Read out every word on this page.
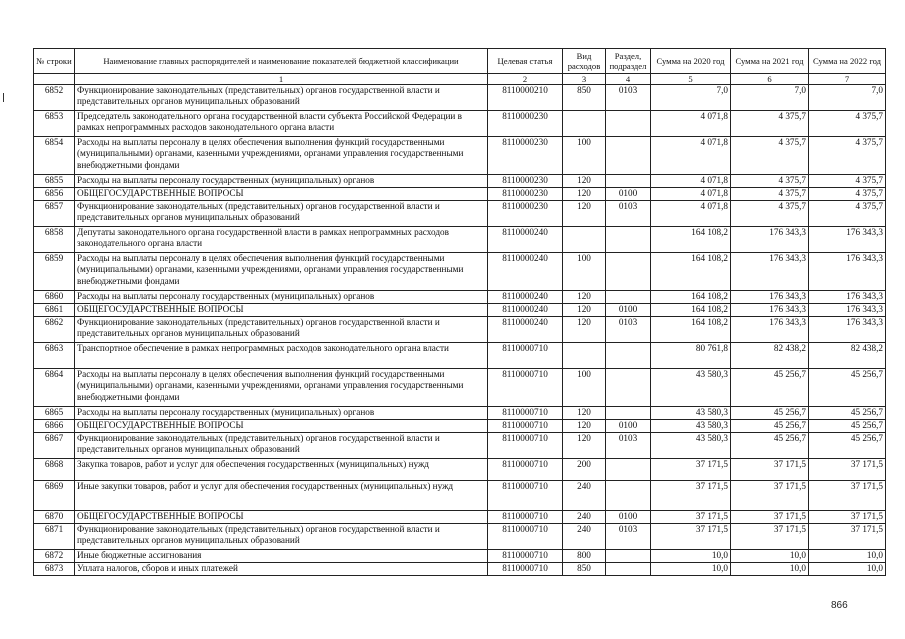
№ строки	Наименование главных распорядителей и наименование показателей бюджетной классификации	Целевая статья	Вид расходов	Раздел, подраздел	Сумма на 2020 год	Сумма на 2021 год	Сумма на 2022 год
	1	2	3	4	5	6	7
6852	Функционирование законодательных (представительных) органов государственной власти и представительных органов муниципальных образований	8110000210	850	0103	7,0	7,0	7,0
6853	Председатель законодательного органа государственной власти субъекта Российской Федерации в рамках непрограммных расходов законодательного органа власти	8110000230			4 071,8	4 375,7	4 375,7
6854	Расходы на выплаты персоналу в целях обеспечения выполнения функций государственными (муниципальными) органами, казенными учреждениями, органами управления государственными внебюджетными фондами	8110000230	100		4 071,8	4 375,7	4 375,7
6855	Расходы на выплаты персоналу государственных (муниципальных) органов	8110000230	120		4 071,8	4 375,7	4 375,7
6856	ОБЩЕГОСУДАРСТВЕННЫЕ ВОПРОСЫ	8110000230	120	0100	4 071,8	4 375,7	4 375,7
6857	Функционирование законодательных (представительных) органов государственной власти и представительных органов муниципальных образований	8110000230	120	0103	4 071,8	4 375,7	4 375,7
6858	Депутаты законодательного органа государственной власти в рамках непрограммных расходов законодательного органа власти	8110000240			164 108,2	176 343,3	176 343,3
6859	Расходы на выплаты персоналу в целях обеспечения выполнения функций государственными (муниципальными) органами, казенными учреждениями, органами управления государственными внебюджетными фондами	8110000240	100		164 108,2	176 343,3	176 343,3
6860	Расходы на выплаты персоналу государственных (муниципальных) органов	8110000240	120		164 108,2	176 343,3	176 343,3
6861	ОБЩЕГОСУДАРСТВЕННЫЕ ВОПРОСЫ	8110000240	120	0100	164 108,2	176 343,3	176 343,3
6862	Функционирование законодательных (представительных) органов государственной власти и представительных органов муниципальных образований	8110000240	120	0103	164 108,2	176 343,3	176 343,3
6863	Транспортное обеспечение в рамках непрограммных расходов законодательного органа власти	8110000710			80 761,8	82 438,2	82 438,2
6864	Расходы на выплаты персоналу в целях обеспечения выполнения функций государственными (муниципальными) органами, казенными учреждениями, органами управления государственными внебюджетными фондами	8110000710	100		43 580,3	45 256,7	45 256,7
6865	Расходы на выплаты персоналу государственных (муниципальных) органов	8110000710	120		43 580,3	45 256,7	45 256,7
6866	ОБЩЕГОСУДАРСТВЕННЫЕ ВОПРОСЫ	8110000710	120	0100	43 580,3	45 256,7	45 256,7
6867	Функционирование законодательных (представительных) органов государственной власти и представительных органов муниципальных образований	8110000710	120	0103	43 580,3	45 256,7	45 256,7
6868	Закупка товаров, работ и услуг для обеспечения государственных (муниципальных) нужд	8110000710	200		37 171,5	37 171,5	37 171,5
6869	Иные закупки товаров, работ и услуг для обеспечения государственных (муниципальных) нужд	8110000710	240		37 171,5	37 171,5	37 171,5
6870	ОБЩЕГОСУДАРСТВЕННЫЕ ВОПРОСЫ	8110000710	240	0100	37 171,5	37 171,5	37 171,5
6871	Функционирование законодательных (представительных) органов государственной власти и представительных органов муниципальных образований	8110000710	240	0103	37 171,5	37 171,5	37 171,5
6872	Иные бюджетные ассигнования	8110000710	800		10,0	10,0	10,0
6873	Уплата налогов, сборов и иных платежей	8110000710	850		10,0	10,0	10,0
866
